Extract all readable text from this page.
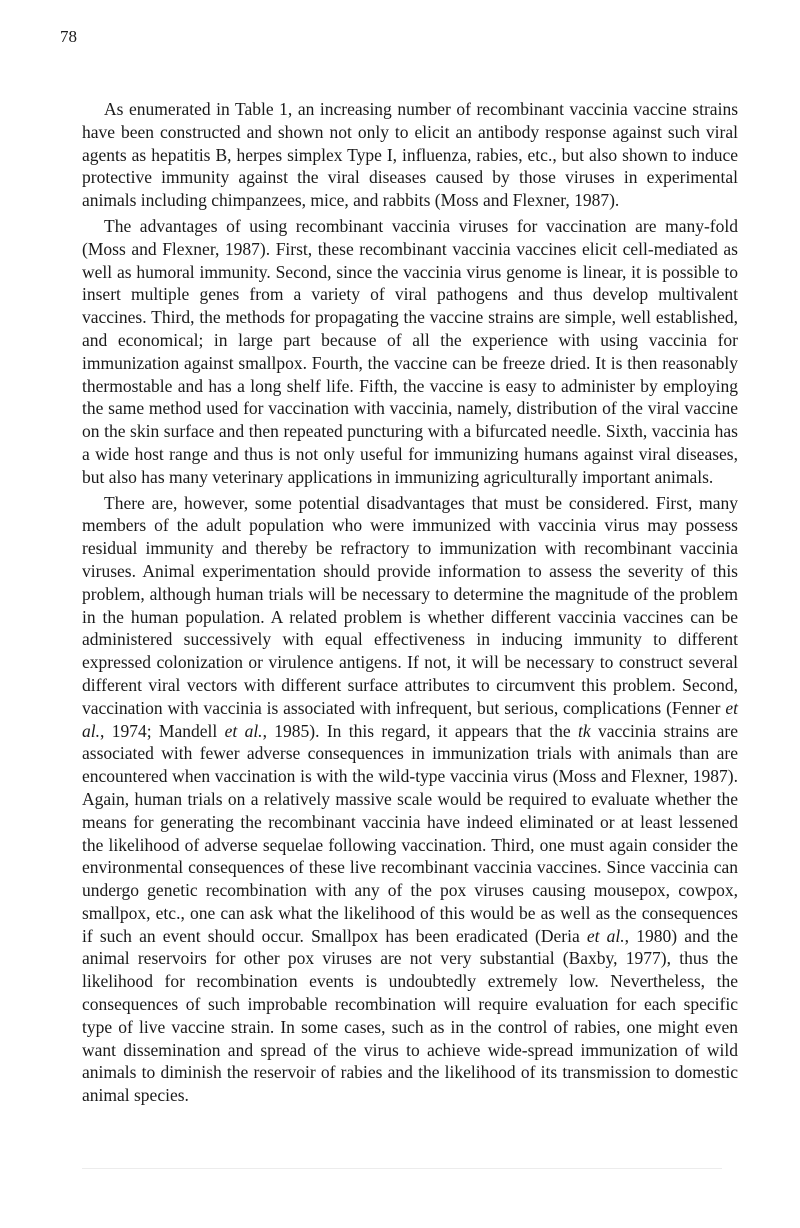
78

As enumerated in Table 1, an increasing number of recombinant vaccinia vaccine strains have been constructed and shown not only to elicit an antibody response against such viral agents as hepatitis B, herpes simplex Type I, influenza, rabies, etc., but also shown to induce protective immunity against the viral diseases caused by those viruses in experimental animals including chimpanzees, mice, and rabbits (Moss and Flexner, 1987).

The advantages of using recombinant vaccinia viruses for vaccination are many-fold (Moss and Flexner, 1987). First, these recombinant vaccinia vaccines elicit cell-mediated as well as humoral immunity. Second, since the vaccinia virus genome is linear, it is possible to insert multiple genes from a variety of viral pathogens and thus develop multivalent vaccines. Third, the methods for propagating the vaccine strains are simple, well established, and economical; in large part because of all the experience with using vaccinia for immunization against smallpox. Fourth, the vaccine can be freeze dried. It is then reasonably thermostable and has a long shelf life. Fifth, the vaccine is easy to administer by employing the same method used for vaccination with vaccinia, namely, distribution of the viral vaccine on the skin surface and then repeated puncturing with a bifurcated needle. Sixth, vaccinia has a wide host range and thus is not only useful for immunizing humans against viral diseases, but also has many veterinary applications in immunizing agriculturally important animals.

There are, however, some potential disadvantages that must be considered. First, many members of the adult population who were immunized with vaccinia virus may possess residual immunity and thereby be refractory to immunization with recombinant vaccinia viruses. Animal experimentation should provide information to assess the severity of this problem, although human trials will be necessary to determine the magnitude of the problem in the human population. A related problem is whether different vaccinia vaccines can be administered successively with equal effectiveness in inducing immunity to different expressed colonization or virulence antigens. If not, it will be necessary to construct several different viral vectors with different surface attributes to circumvent this problem. Second, vaccination with vaccinia is associated with infrequent, but serious, complications (Fenner et al., 1974; Mandell et al., 1985). In this regard, it appears that the tk vaccinia strains are associated with fewer adverse consequences in immunization trials with animals than are encountered when vaccination is with the wild-type vaccinia virus (Moss and Flexner, 1987). Again, human trials on a relatively massive scale would be required to evaluate whether the means for generating the recombinant vaccinia have indeed eliminated or at least lessened the likelihood of adverse sequelae following vaccination. Third, one must again consider the environmental consequences of these live recombinant vaccinia vaccines. Since vaccinia can undergo genetic recombination with any of the pox viruses causing mousepox, cowpox, smallpox, etc., one can ask what the likelihood of this would be as well as the consequences if such an event should occur. Smallpox has been eradicated (Deria et al., 1980) and the animal reservoirs for other pox viruses are not very substantial (Baxby, 1977), thus the likelihood for recombination events is undoubtedly extremely low. Nevertheless, the consequences of such improbable recombination will require evaluation for each specific type of live vaccine strain. In some cases, such as in the control of rabies, one might even want dissemination and spread of the virus to achieve wide-spread immunization of wild animals to diminish the reservoir of rabies and the likelihood of its transmission to domestic animal species.
